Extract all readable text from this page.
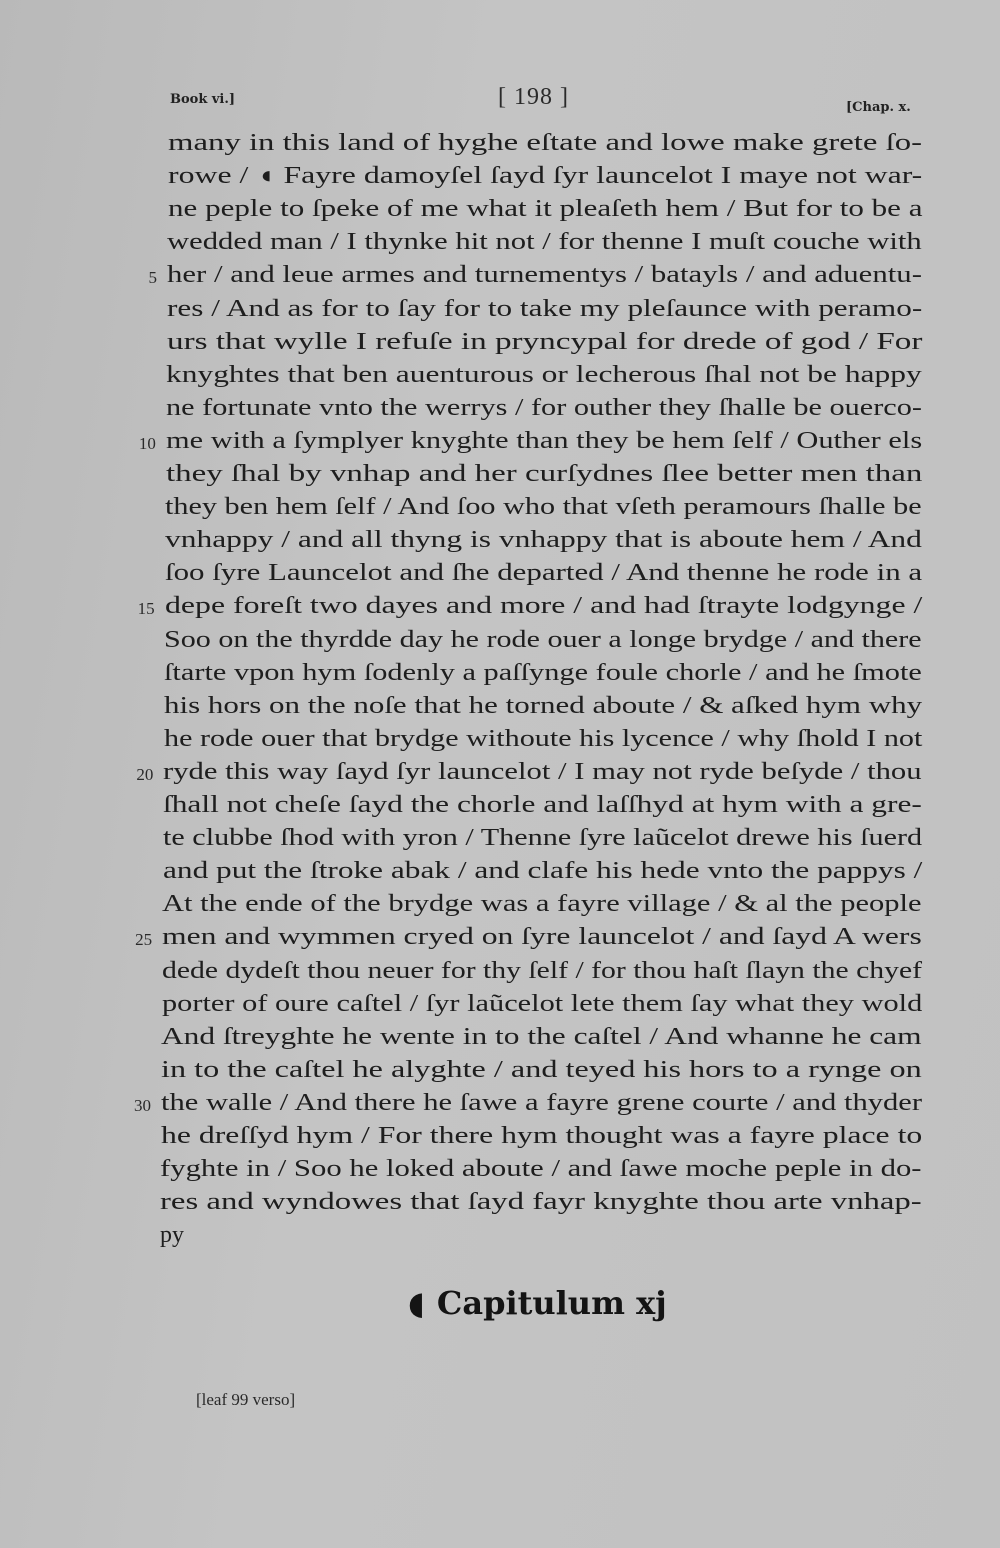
Book vi.]	[ 198 ]	[Chap. x.
many in this land of hyghe eſtate and lowe make grete ſo-
rowe / ◖ Fayre damoyſel ſayd ſyr launcelot I maye not war-
ne peple to ſpeke of me what it pleaſeth hem / But for to be a
wedded man / I thynke hit not / for thenne I muſt couche with
her / and leue armes and turnementys / batayls / and aduentu-
5
res / And as for to ſay for to take my pleſaunce with peramo-
urs that wylle I refuſe in pryncypal for drede of god / For
knyghtes that ben auenturous or lecherous ſhal not be happy
ne fortunate vnto the werrys / for outher they ſhalle be ouerco-
me with a ſymplyer knyghte than they be hem ſelf / Outher els
10
they ſhal by vnhap and her curſydnes ſlee better men than
they ben hem ſelf / And ſoo who that vſeth peramours ſhalle be
vnhappy / and all thyng is vnhappy that is aboute hem / And
ſoo ſyre Launcelot and ſhe departed / And thenne he rode in a
depe foreſt two dayes and more / and had ſtrayte lodgynge /
15
Soo on the thyrdde day he rode ouer a longe brydge / and there
ſtarte vpon hym ſodenly a paſſynge foule chorle / and he ſmote
his hors on the noſe that he torned aboute / & aſked hym why
he rode ouer that brydge withoute his lycence / why ſhold I not
ryde this way ſayd ſyr launcelot / I may not ryde beſyde / thou
20
ſhall not cheſe ſayd the chorle and laſſhyd at hym with a gre-
te clubbe ſhod with yron / Thenne ſyre laũcelot drewe his ſuerd
and put the ſtroke abak / and clafe his hede vnto the pappys /
At the ende of the brydge was a fayre village / & al the people
men and wymmen cryed on ſyre launcelot / and ſayd A wers
25
dede dydeſt thou neuer for thy ſelf / for thou haſt ſlayn the chyef
porter of oure caſtel / ſyr laũcelot lete them ſay what they wold
And ſtreyghte he wente in to the caſtel / And whanne he cam
in to the caſtel he alyghte / and teyed his hors to a rynge on
the walle / And there he ſawe a fayre grene courte / and thyder
30
he dreſſyd hym / For there hym thought was a fayre place to
fyghte in / Soo he loked aboute / and ſawe moche peple in do-
res and wyndowes that ſayd fayr knyghte thou arte vnhap-
py
◖ Capitulum xj
[leaf 99 verso]
